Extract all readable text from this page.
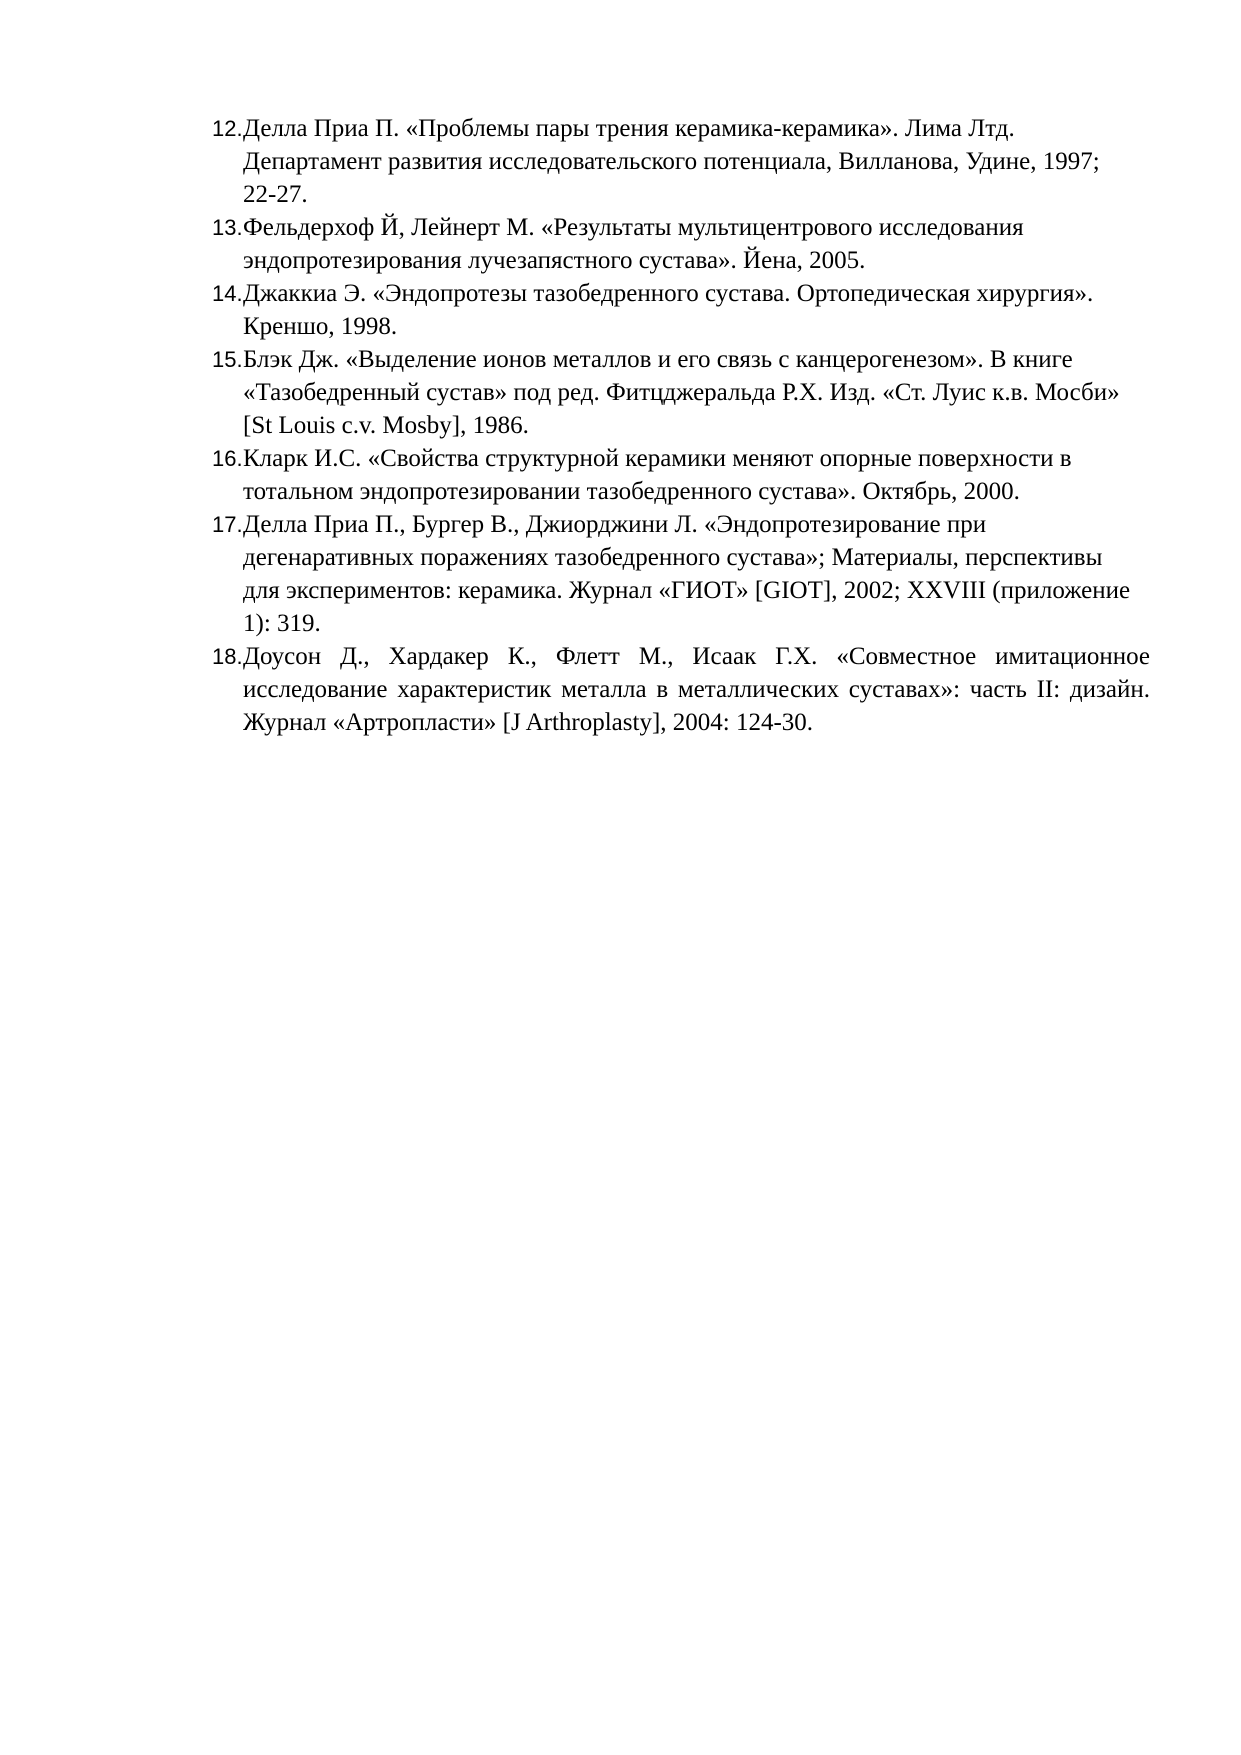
12. Делла Приа П. «Проблемы пары трения керамика-керамика». Лима Лтд.
Департамент развития исследовательского потенциала, Вилланова, Удине, 1997;
22-27.
13. Фельдерхоф Й, Лейнерт М. «Результаты мультицентрового исследования
эндопротезирования лучезапястного сустава». Йена, 2005.
14. Джаккиа Э. «Эндопротезы тазобедренного сустава. Ортопедическая хирургия».
Креншо, 1998.
15. Блэк Дж. «Выделение ионов металлов и его связь с канцерогенезом». В книге
«Тазобедренный сустав» под ред. Фитцджеральда Р.Х. Изд. «Ст. Луис к.в. Мосби»
[St Louis c.v. Mosby], 1986.
16. Кларк И.С. «Свойства структурной керамики меняют опорные поверхности в
тотальном эндопротезировании тазобедренного сустава». Октябрь, 2000.
17. Делла Приа П., Бургер В., Джиорджини Л. «Эндопротезирование при
дегенаративных поражениях тазобедренного сустава»; Материалы, перспективы
для экспериментов: керамика. Журнал «ГИОТ» [GIOT], 2002; XXVIII (приложение
1): 319.
18. Доусон Д., Хардакер К., Флетт М., Исаак Г.Х. «Совместное имитационное
исследование характеристик металла в металлических суставах»: часть II: дизайн.
Журнал «Артропласти» [J Arthroplasty], 2004: 124-30.
